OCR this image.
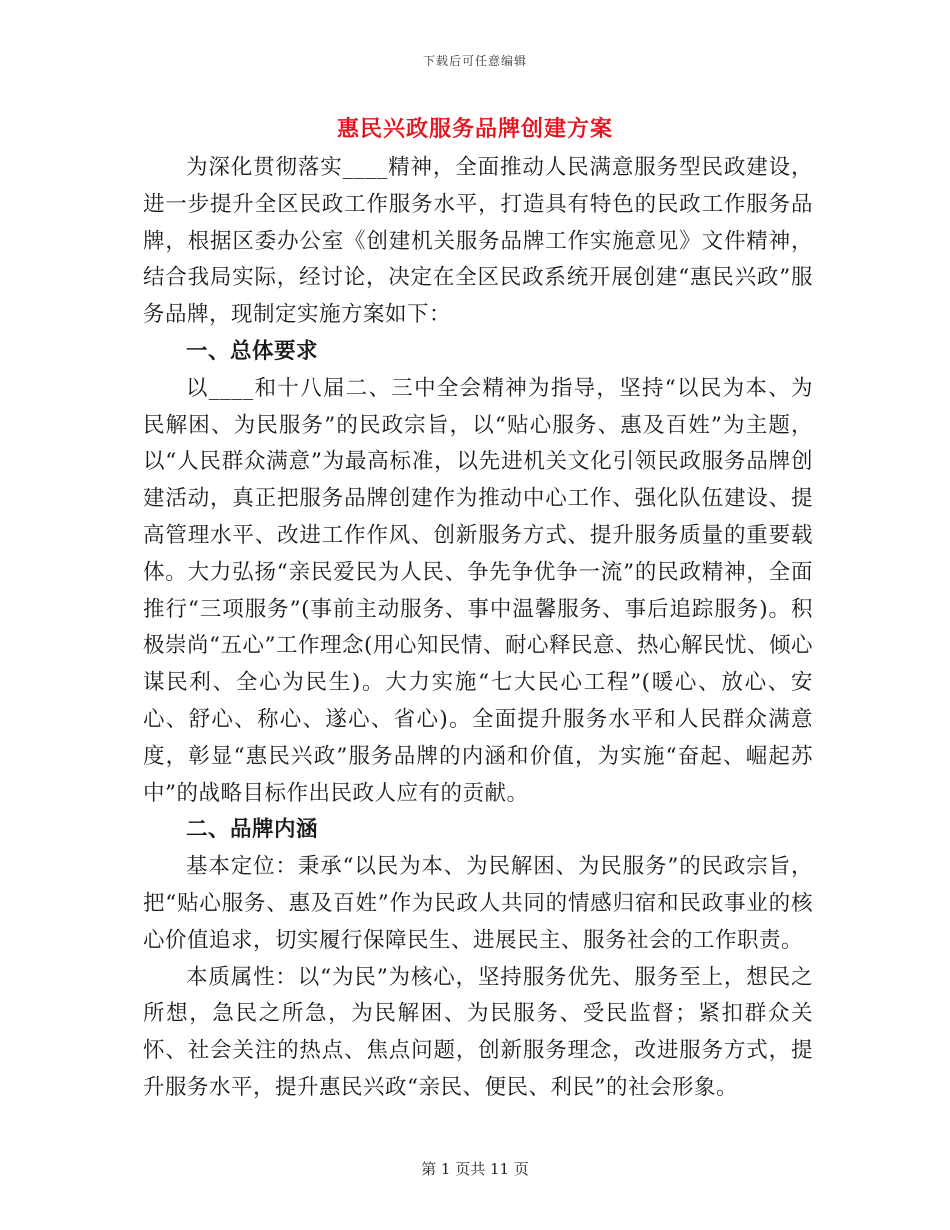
下载后可任意编辑
惠民兴政服务品牌创建方案

为深化贯彻落实____精神，全面推动人民满意服务型民政建设，进一步提升全区民政工作服务水平，打造具有特色的民政工作服务品牌，根据区委办公室《创建机关服务品牌工作实施意见》文件精神，结合我局实际，经讨论，决定在全区民政系统开展创建“惠民兴政”服务品牌，现制定实施方案如下：

一、总体要求

以____和十八届二、三中全会精神为指导，坚持“以民为本、为民解困、为民服务”的民政宗旨，以“贴心服务、惠及百姓”为主题，以“人民群众满意”为最高标准，以先进机关文化引领民政服务品牌创建活动，真正把服务品牌创建作为推动中心工作、强化队伍建设、提高管理水平、改进工作作风、创新服务方式、提升服务质量的重要载体。大力弘扬“亲民爱民为人民、争先争优争一流”的民政精神，全面推行“三项服务”(事前主动服务、事中温馨服务、事后追踪服务)。积极崇尚“五心”工作理念(用心知民情、耐心释民意、热心解民忧、倾心谋民利、全心为民生)。大力实施“七大民心工程”(暖心、放心、安心、舒心、称心、遂心、省心)。全面提升服务水平和人民群众满意度，彰显“惠民兴政”服务品牌的内涵和价值，为实施“奋起、崛起苏中”的战略目标作出民政人应有的贡献。

二、品牌内涵

基本定位：秉承“以民为本、为民解困、为民服务”的民政宗旨，把“贴心服务、惠及百姓”作为民政人共同的情感归宿和民政事业的核心价值追求，切实履行保障民生、进展民主、服务社会的工作职责。

本质属性：以“为民”为核心，坚持服务优先、服务至上，想民之所想，急民之所急，为民解困、为民服务、受民监督；紧扣群众关怀、社会关注的热点、焦点问题，创新服务理念，改进服务方式，提升服务水平，提升惠民兴政“亲民、便民、利民”的社会形象。

第 1 页共 11 页
